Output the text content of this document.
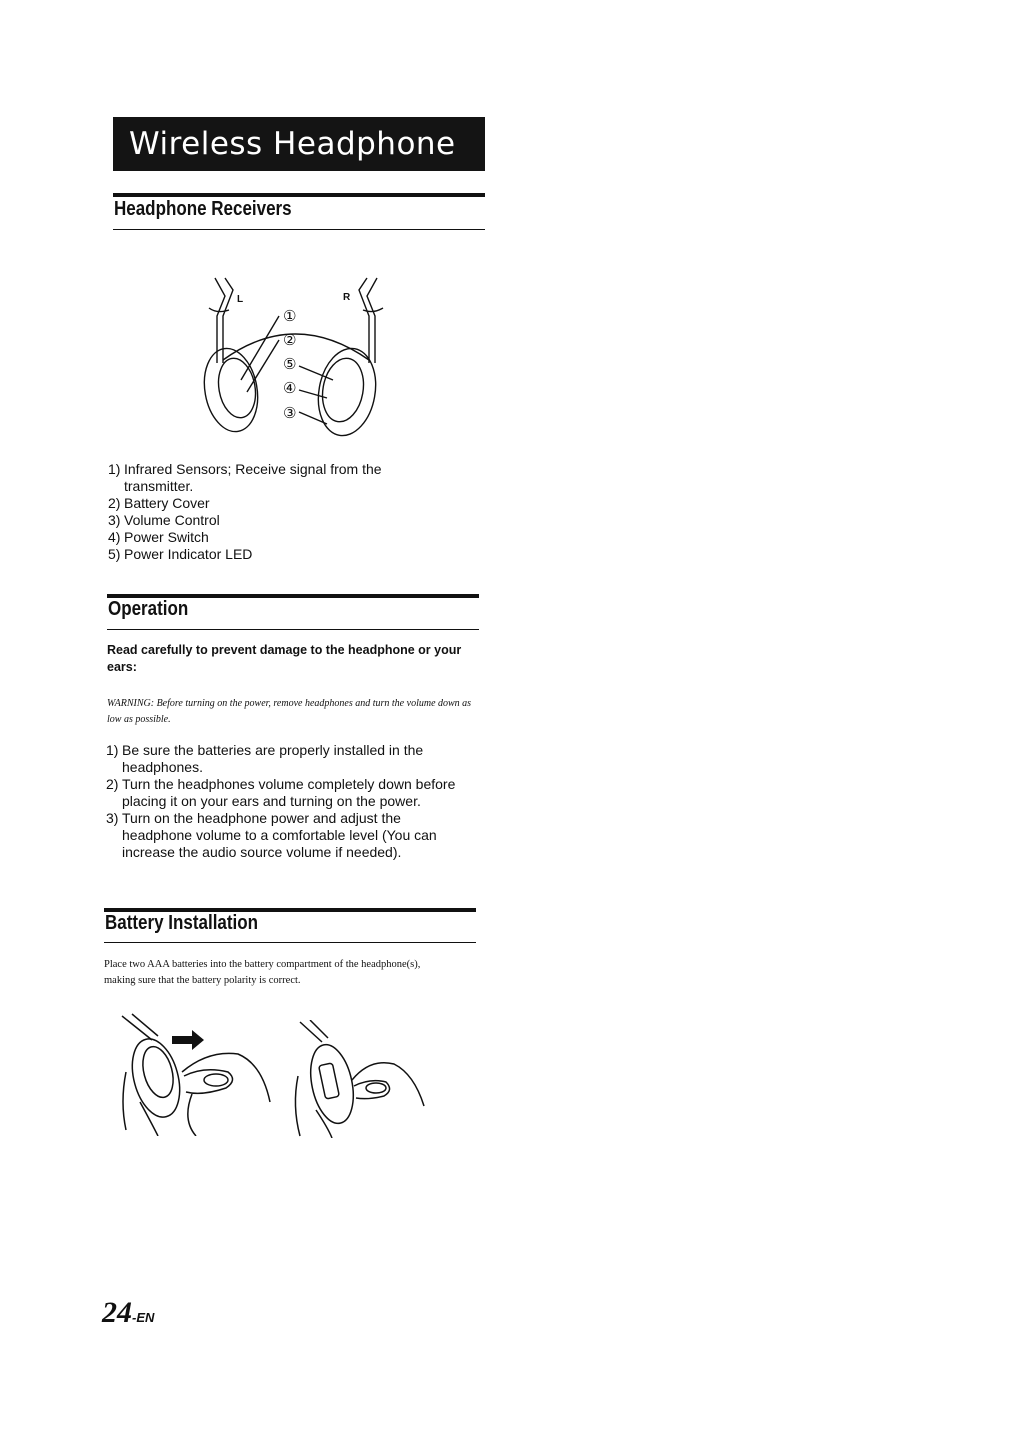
Wireless Headphone
Headphone Receivers
L	R
①
②
⑤
④
③
1) Infrared Sensors; Receive signal from the transmitter.
2) Battery Cover
3) Volume Control
4) Power Switch
5) Power Indicator LED
Operation
Read carefully to prevent damage to the headphone or your ears:
WARNING: Before turning on the power, remove headphones and turn the volume down as low as possible.
1) Be sure the batteries are properly installed in the headphones.
2) Turn the headphones volume completely down before placing it on your ears and turning on the power.
3) Turn on the headphone power and adjust the headphone volume to a comfortable level (You can increase the audio source volume if needed).
Battery Installation
Place two AAA batteries into the battery compartment of the headphone(s), making sure that the battery polarity is correct.
24-EN
